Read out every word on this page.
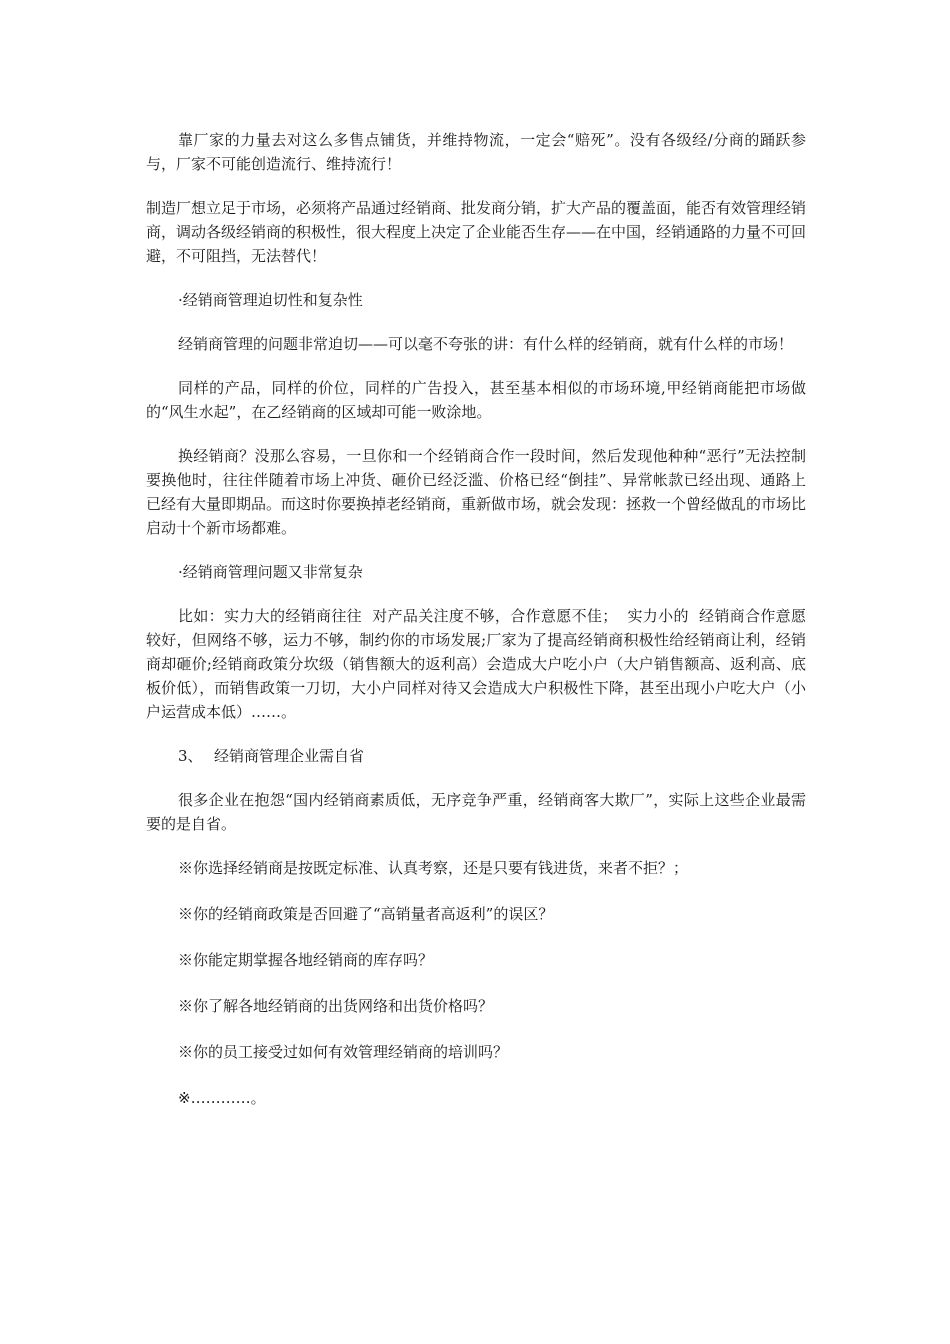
靠厂家的力量去对这么多售点铺货，并维持物流，一定会“赔死”。没有各级经/分商的踊跃参与，厂家不可能创造流行、维持流行！

制造厂想立足于市场，必须将产品通过经销商、批发商分销，扩大产品的覆盖面，能否有效管理经销商，调动各级经销商的积极性，很大程度上决定了企业能否生存——在中国，经销通路的力量不可回避，不可阻挡，无法替代！

·经销商管理迫切性和复杂性

经销商管理的问题非常迫切——可以毫不夸张的讲：有什么样的经销商，就有什么样的市场！

同样的产品，同样的价位，同样的广告投入，甚至基本相似的市场环境,甲经销商能把市场做的“风生水起”，在乙经销商的区域却可能一败涂地。

换经销商？没那么容易，一旦你和一个经销商合作一段时间，然后发现他种种“恶行”无法控制要换他时，往往伴随着市场上冲货、砸价已经泛滥、价格已经“倒挂”、异常帐款已经出现、通路上已经有大量即期品。而这时你要换掉老经销商，重新做市场，就会发现：拯救一个曾经做乱的市场比启动十个新市场都难。

·经销商管理问题又非常复杂

比如：实力大的经销商往往  对产品关注度不够，合作意愿不佳；  实力小的  经销商合作意愿较好，但网络不够，运力不够，制约你的市场发展;厂家为了提高经销商积极性给经销商让利，经销商却砸价;经销商政策分坎级（销售额大的返利高）会造成大户吃小户（大户销售额高、返利高、底板价低），而销售政策一刀切，大小户同样对待又会造成大户积极性下降，甚至出现小户吃大户（小户运营成本低）……。

3、 经销商管理企业需自省

很多企业在抱怨“国内经销商素质低，无序竞争严重，经销商客大欺厂”，实际上这些企业最需要的是自省。

※你选择经销商是按既定标准、认真考察，还是只要有钱进货，来者不拒？；

※你的经销商政策是否回避了“高销量者高返利”的误区？

※你能定期掌握各地经销商的库存吗？

※你了解各地经销商的出货网络和出货价格吗？

※你的员工接受过如何有效管理经销商的培训吗？

※…………。
